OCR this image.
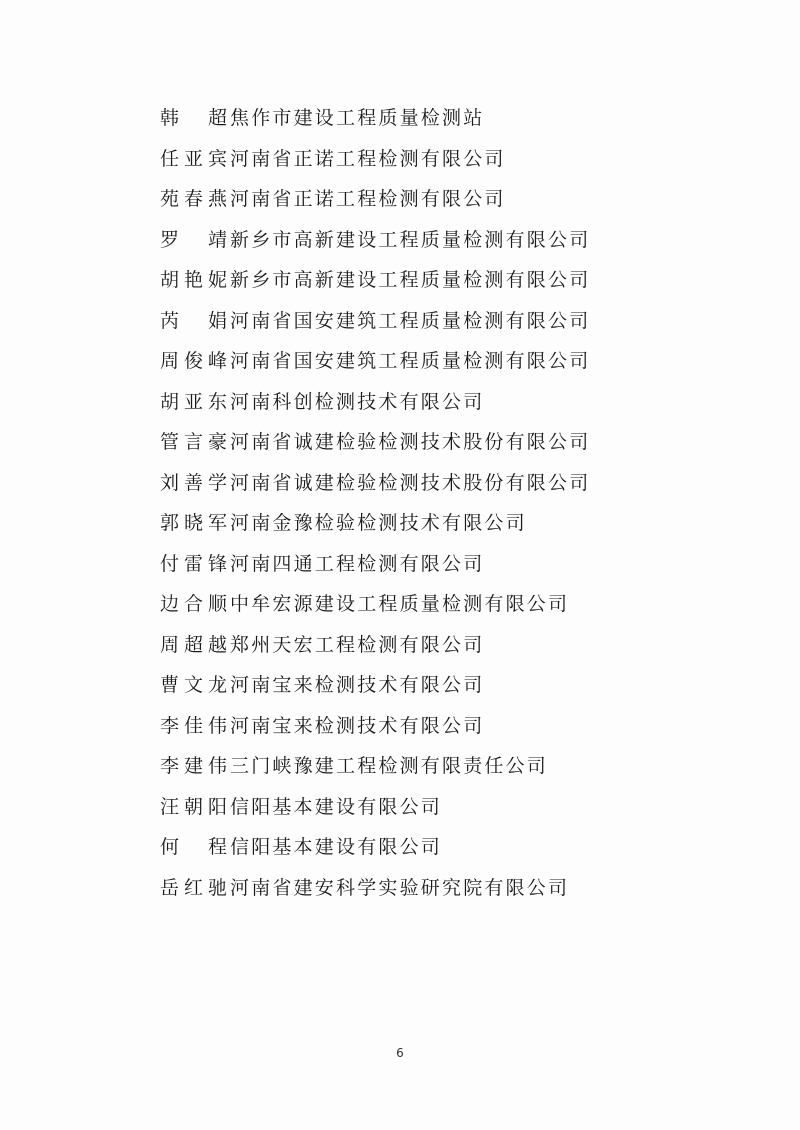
韩　超 焦作市建设工程质量检测站
任亚宾 河南省正诺工程检测有限公司
苑春燕 河南省正诺工程检测有限公司
罗　靖 新乡市高新建设工程质量检测有限公司
胡艳妮 新乡市高新建设工程质量检测有限公司
芮　娟 河南省国安建筑工程质量检测有限公司
周俊峰 河南省国安建筑工程质量检测有限公司
胡亚东 河南科创检测技术有限公司
管言豪 河南省诚建检验检测技术股份有限公司
刘善学 河南省诚建检验检测技术股份有限公司
郭晓军 河南金豫检验检测技术有限公司
付雷锋 河南四通工程检测有限公司
边合顺 中牟宏源建设工程质量检测有限公司
周超越 郑州天宏工程检测有限公司
曹文龙 河南宝来检测技术有限公司
李佳伟 河南宝来检测技术有限公司
李建伟 三门峡豫建工程检测有限责任公司
汪朝阳 信阳基本建设有限公司
何　程 信阳基本建设有限公司
岳红驰 河南省建安科学实验研究院有限公司
6
